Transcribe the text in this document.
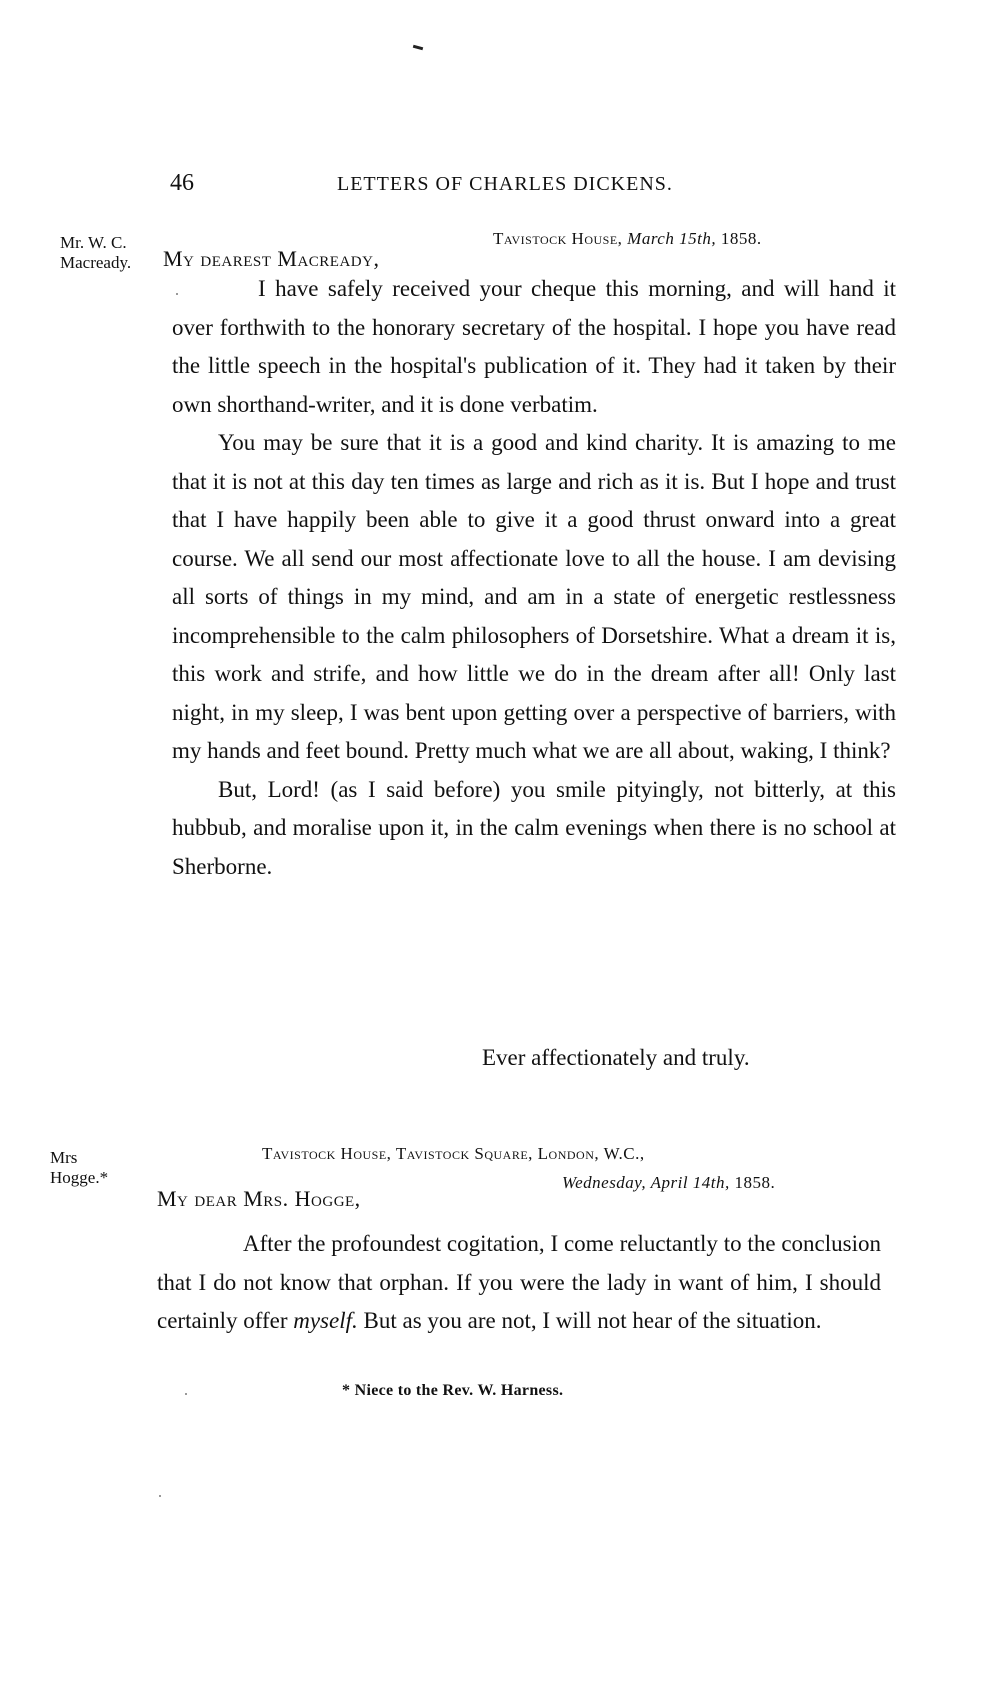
46	LETTERS OF CHARLES DICKENS.
Mr. W. C.
Macready.
Tavistock House, March 15th, 1858.
My dearest Macready,

I have safely received your cheque this morning, and will hand it over forthwith to the honorary secretary of the hospital. I hope you have read the little speech in the hospital's publication of it. They had it taken by their own shorthand-writer, and it is done verbatim.

You may be sure that it is a good and kind charity. It is amazing to me that it is not at this day ten times as large and rich as it is. But I hope and trust that I have happily been able to give it a good thrust onward into a great course. We all send our most affectionate love to all the house. I am devising all sorts of things in my mind, and am in a state of energetic restlessness incomprehensible to the calm philosophers of Dorsetshire. What a dream it is, this work and strife, and how little we do in the dream after all! Only last night, in my sleep, I was bent upon getting over a perspective of barriers, with my hands and feet bound. Pretty much what we are all about, waking, I think?

But, Lord! (as I said before) you smile pityingly, not bitterly, at this hubbub, and moralise upon it, in the calm evenings when there is no school at Sherborne.

Ever affectionately and truly.
Mrs
Hogge.*
Tavistock House, Tavistock Square, London, W.C.,
Wednesday, April 14th, 1858.
My dear Mrs. Hogge,

After the profoundest cogitation, I come reluctantly to the conclusion that I do not know that orphan. If you were the lady in want of him, I should certainly offer myself. But as you are not, I will not hear of the situation.

* Niece to the Rev. W. Harness.
